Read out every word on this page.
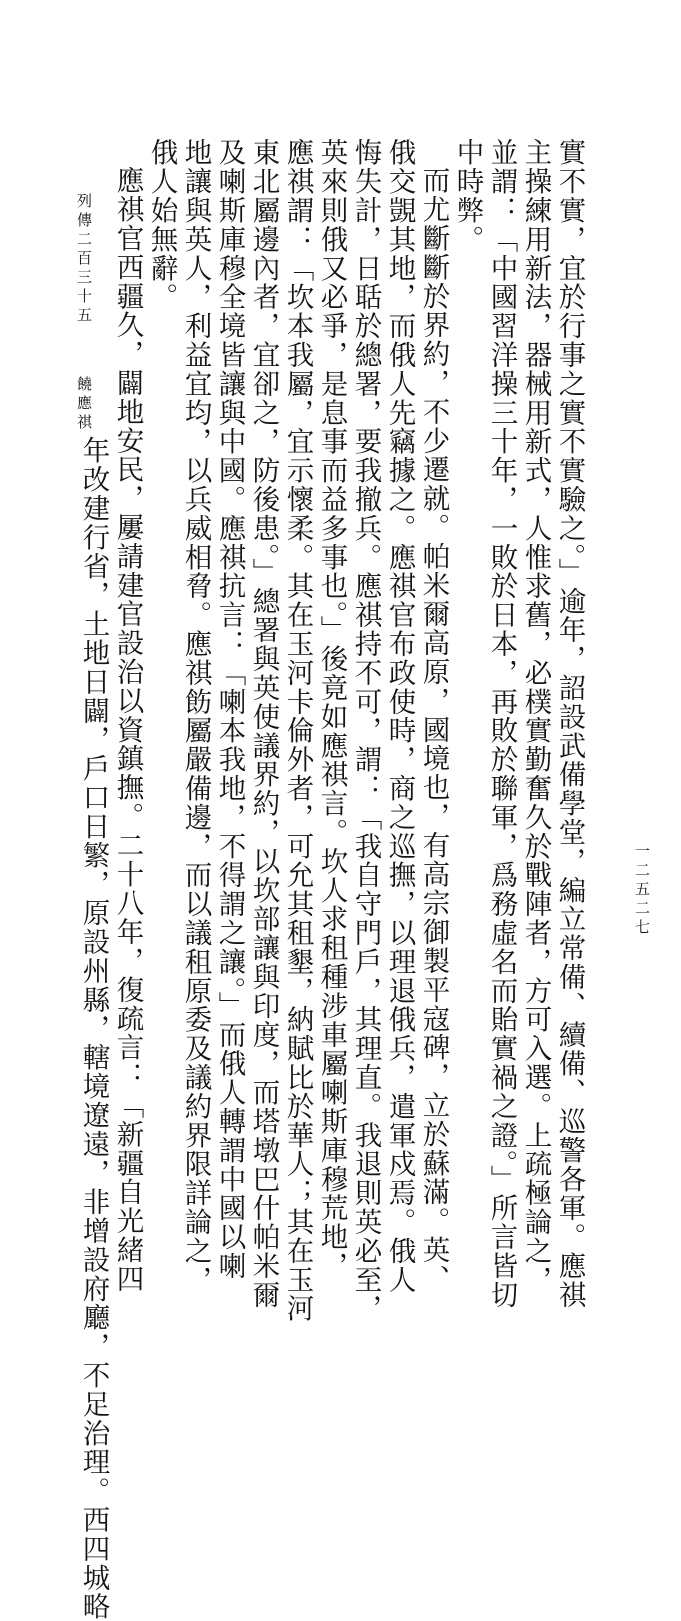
一二五二七
實不實，宜於行事之實不實驗之。」逾年，詔設武備學堂，編立常備、續備、巡警各軍。應祺
主操練用新法，器械用新式，人惟求舊，必樸實勤奮久於戰陣者，方可入選。上疏極論之，
並謂：「中國習洋操三十年，一敗於日本，再敗於聯軍，爲務虛名而貽實禍之證。」所言皆切
中時弊。
而尤斷斷於界約，不少遷就。帕米爾高原，國境也，有高宗御製平寇碑，立於蘇滿。英、
俄交覬其地，而俄人先竊據之。應祺官布政使時，商之巡撫，以理退俄兵，遣軍戍焉。俄人
悔失計，日聒於總署，要我撤兵。應祺持不可，謂：「我自守門戶，其理直。我退則英必至，
英來則俄又必爭，是息事而益多事也。」後竟如應祺言。坎人求租種涉車屬喇斯庫穆荒地，
應祺謂：「坎本我屬，宜示懷柔。其在玉河卡倫外者，可允其租墾，納賦比於華人；其在玉河
東北屬邊內者，宜卻之，防後患。」總署與英使議界約，以坎部讓與印度，而塔墩巴什帕米爾
及喇斯庫穆全境皆讓與中國。應祺抗言：「喇本我地，不得謂之讓。」而俄人轉謂中國以喇
地讓與英人，利益宜均，以兵威相脅。應祺飭屬嚴備邊，而以議租原委及議約界限詳論之，
俄人始無辭。
列傳二百三十五
饒應祺 應祺官西疆久，闢地安民，屢請建官設治以資鎮撫。二十八年，復疏言：「新疆自光緒四
年改建行省，土地日闢，戶口日繁，原設州縣，轄境遼遠，非增設府廳，不足治理。西四城略
